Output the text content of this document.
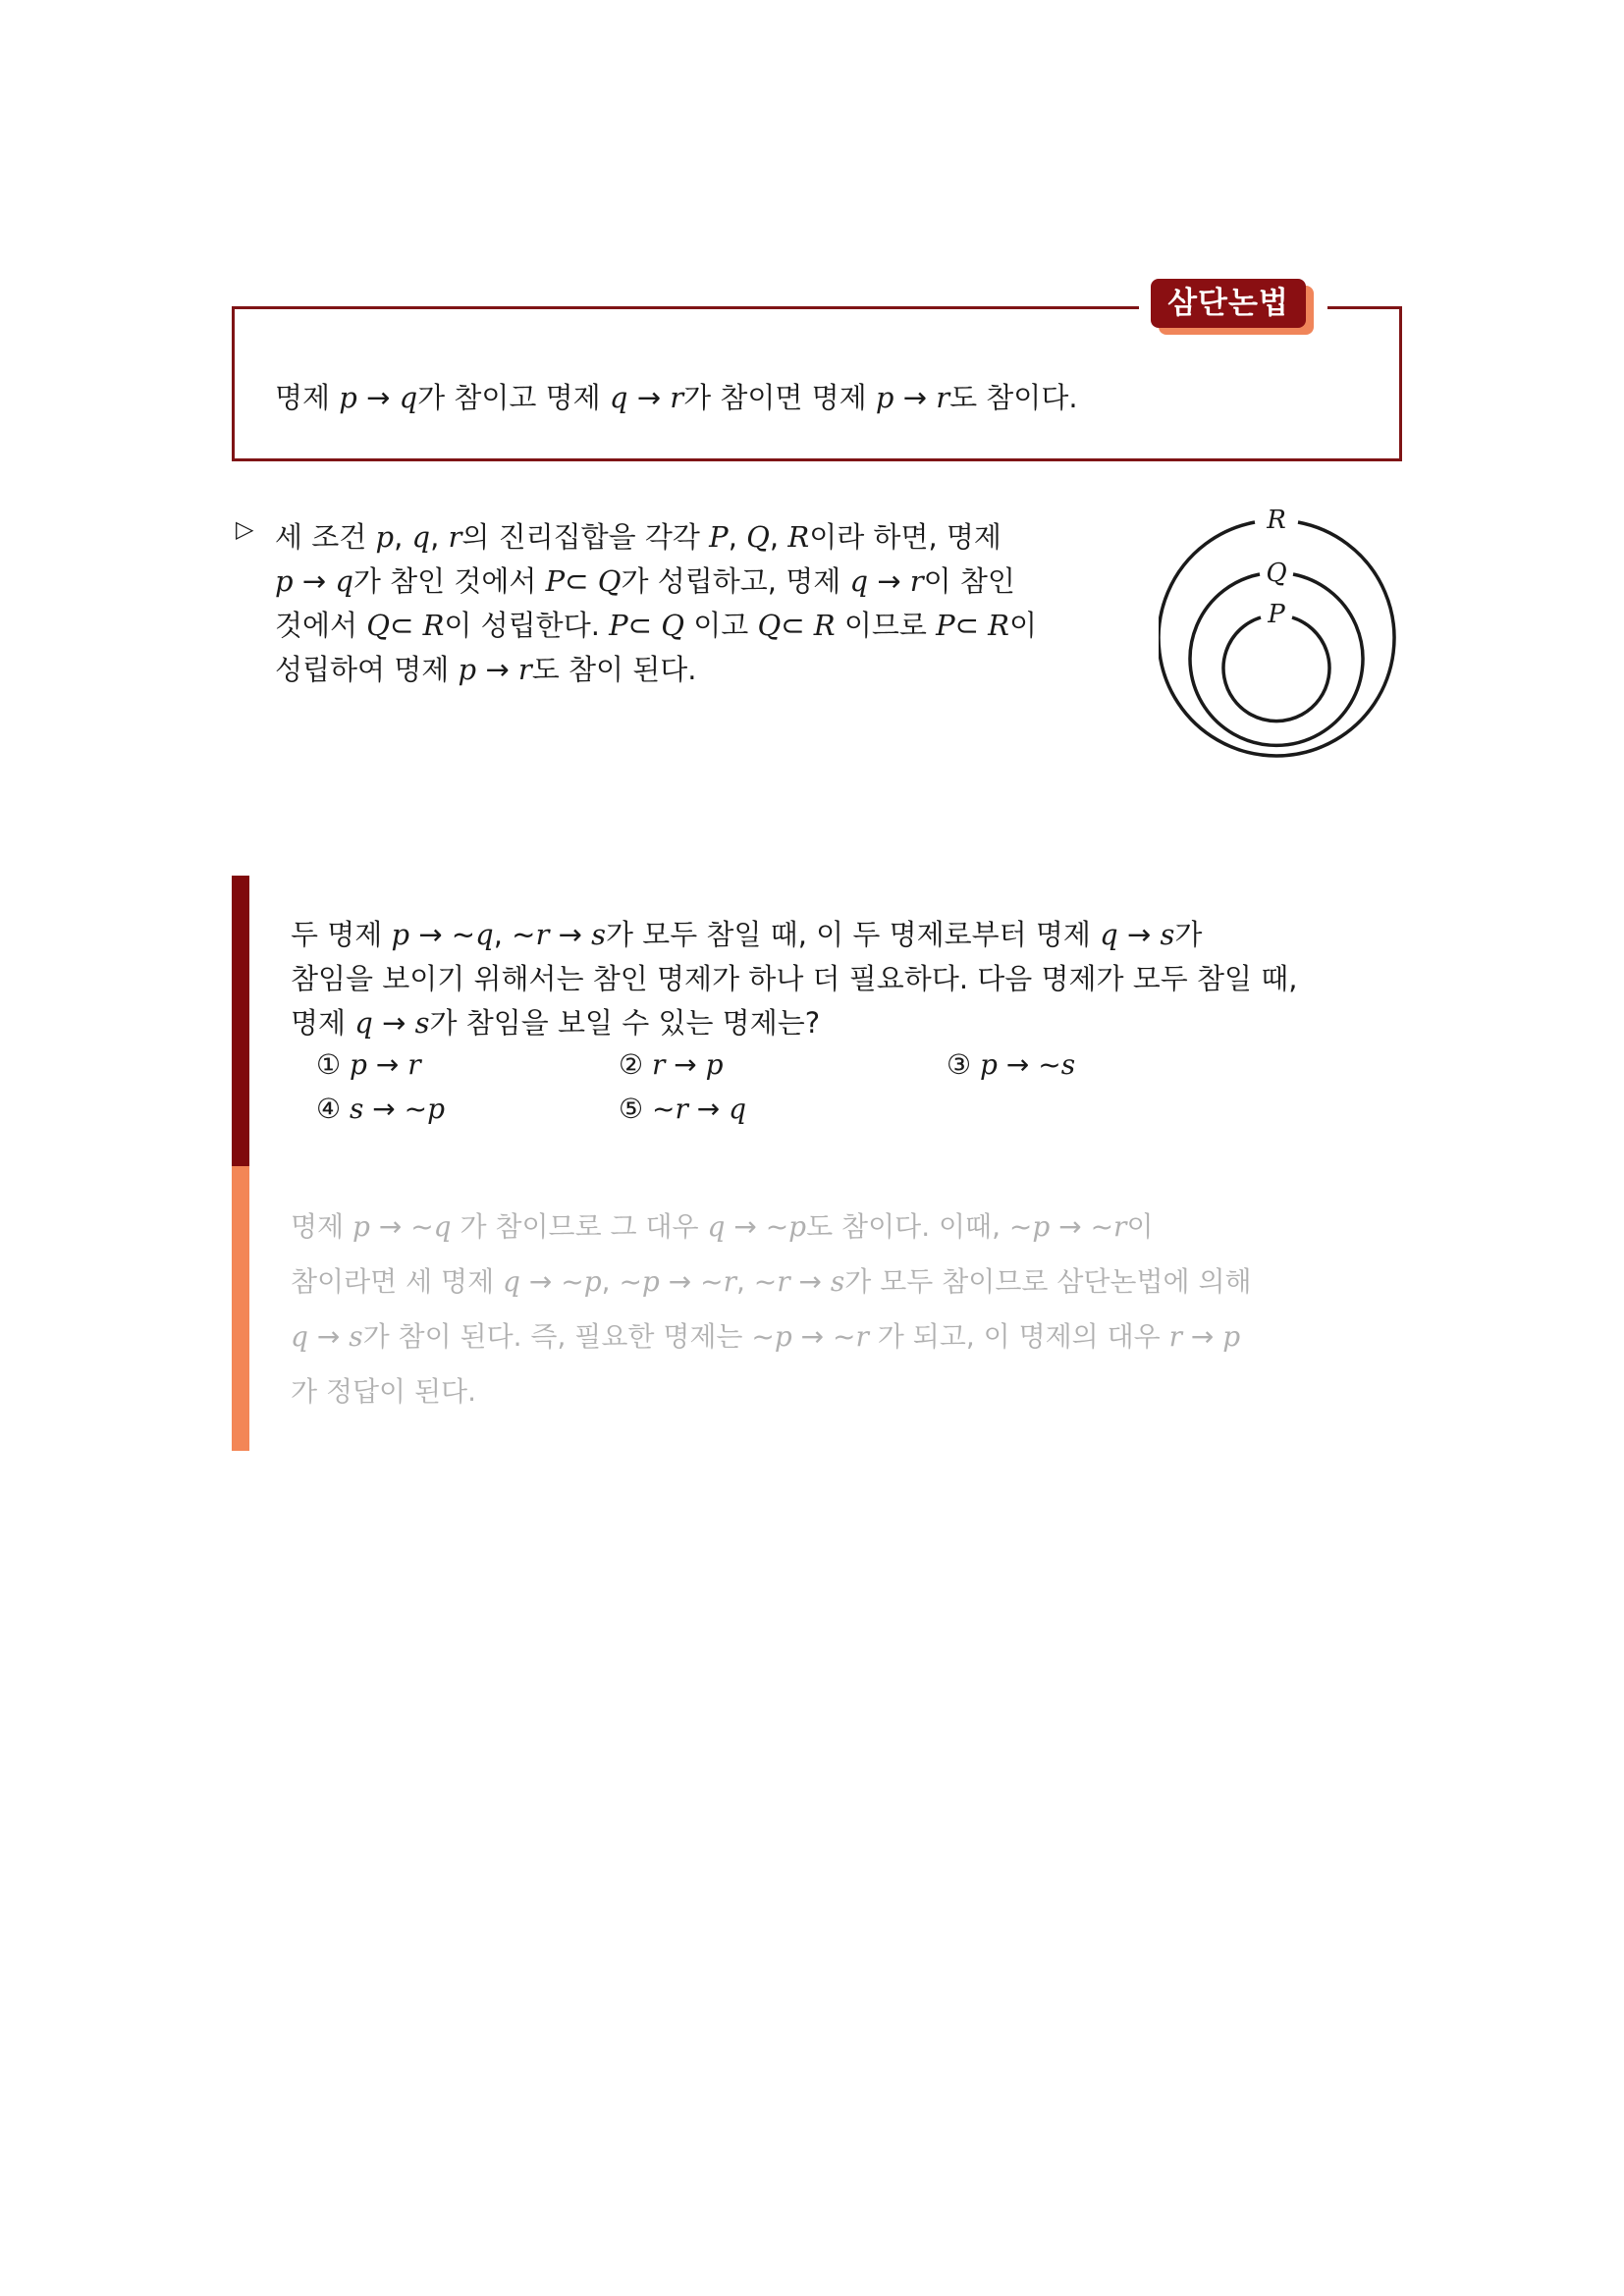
삼단논법
명제 p → q가 참이고 명제 q → r가 참이면 명제 p → r도 참이다.
▷ 세 조건 p, q, r의 진리집합을 각각 P, Q, R이라 하면, 명제
p → q가 참인 것에서 P⊂ Q가 성립하고, 명제 q → r이 참인
것에서 Q⊂ R이 성립한다. P⊂ Q 이고 Q⊂ R 이므로 P⊂ R이
성립하여 명제 p → r도 참이 된다.
R
Q
P
두 명제 p → ~q, ~r → s가 모두 참일 때, 이 두 명제로부터 명제 q → s가
참임을 보이기 위해서는 참인 명제가 하나 더 필요하다. 다음 명제가 모두 참일 때,
명제 q → s가 참임을 보일 수 있는 명제는?
① p → r	② r → p	③ p → ~s
④ s → ~p	⑤ ~r → q
명제 p → ~q 가 참이므로 그 대우 q → ~p도 참이다. 이때, ~p → ~r이
참이라면 세 명제 q → ~p, ~p → ~r, ~r → s가 모두 참이므로 삼단논법에 의해
q → s가 참이 된다. 즉, 필요한 명제는 ~p → ~r 가 되고, 이 명제의 대우 r → p
가 정답이 된다.
